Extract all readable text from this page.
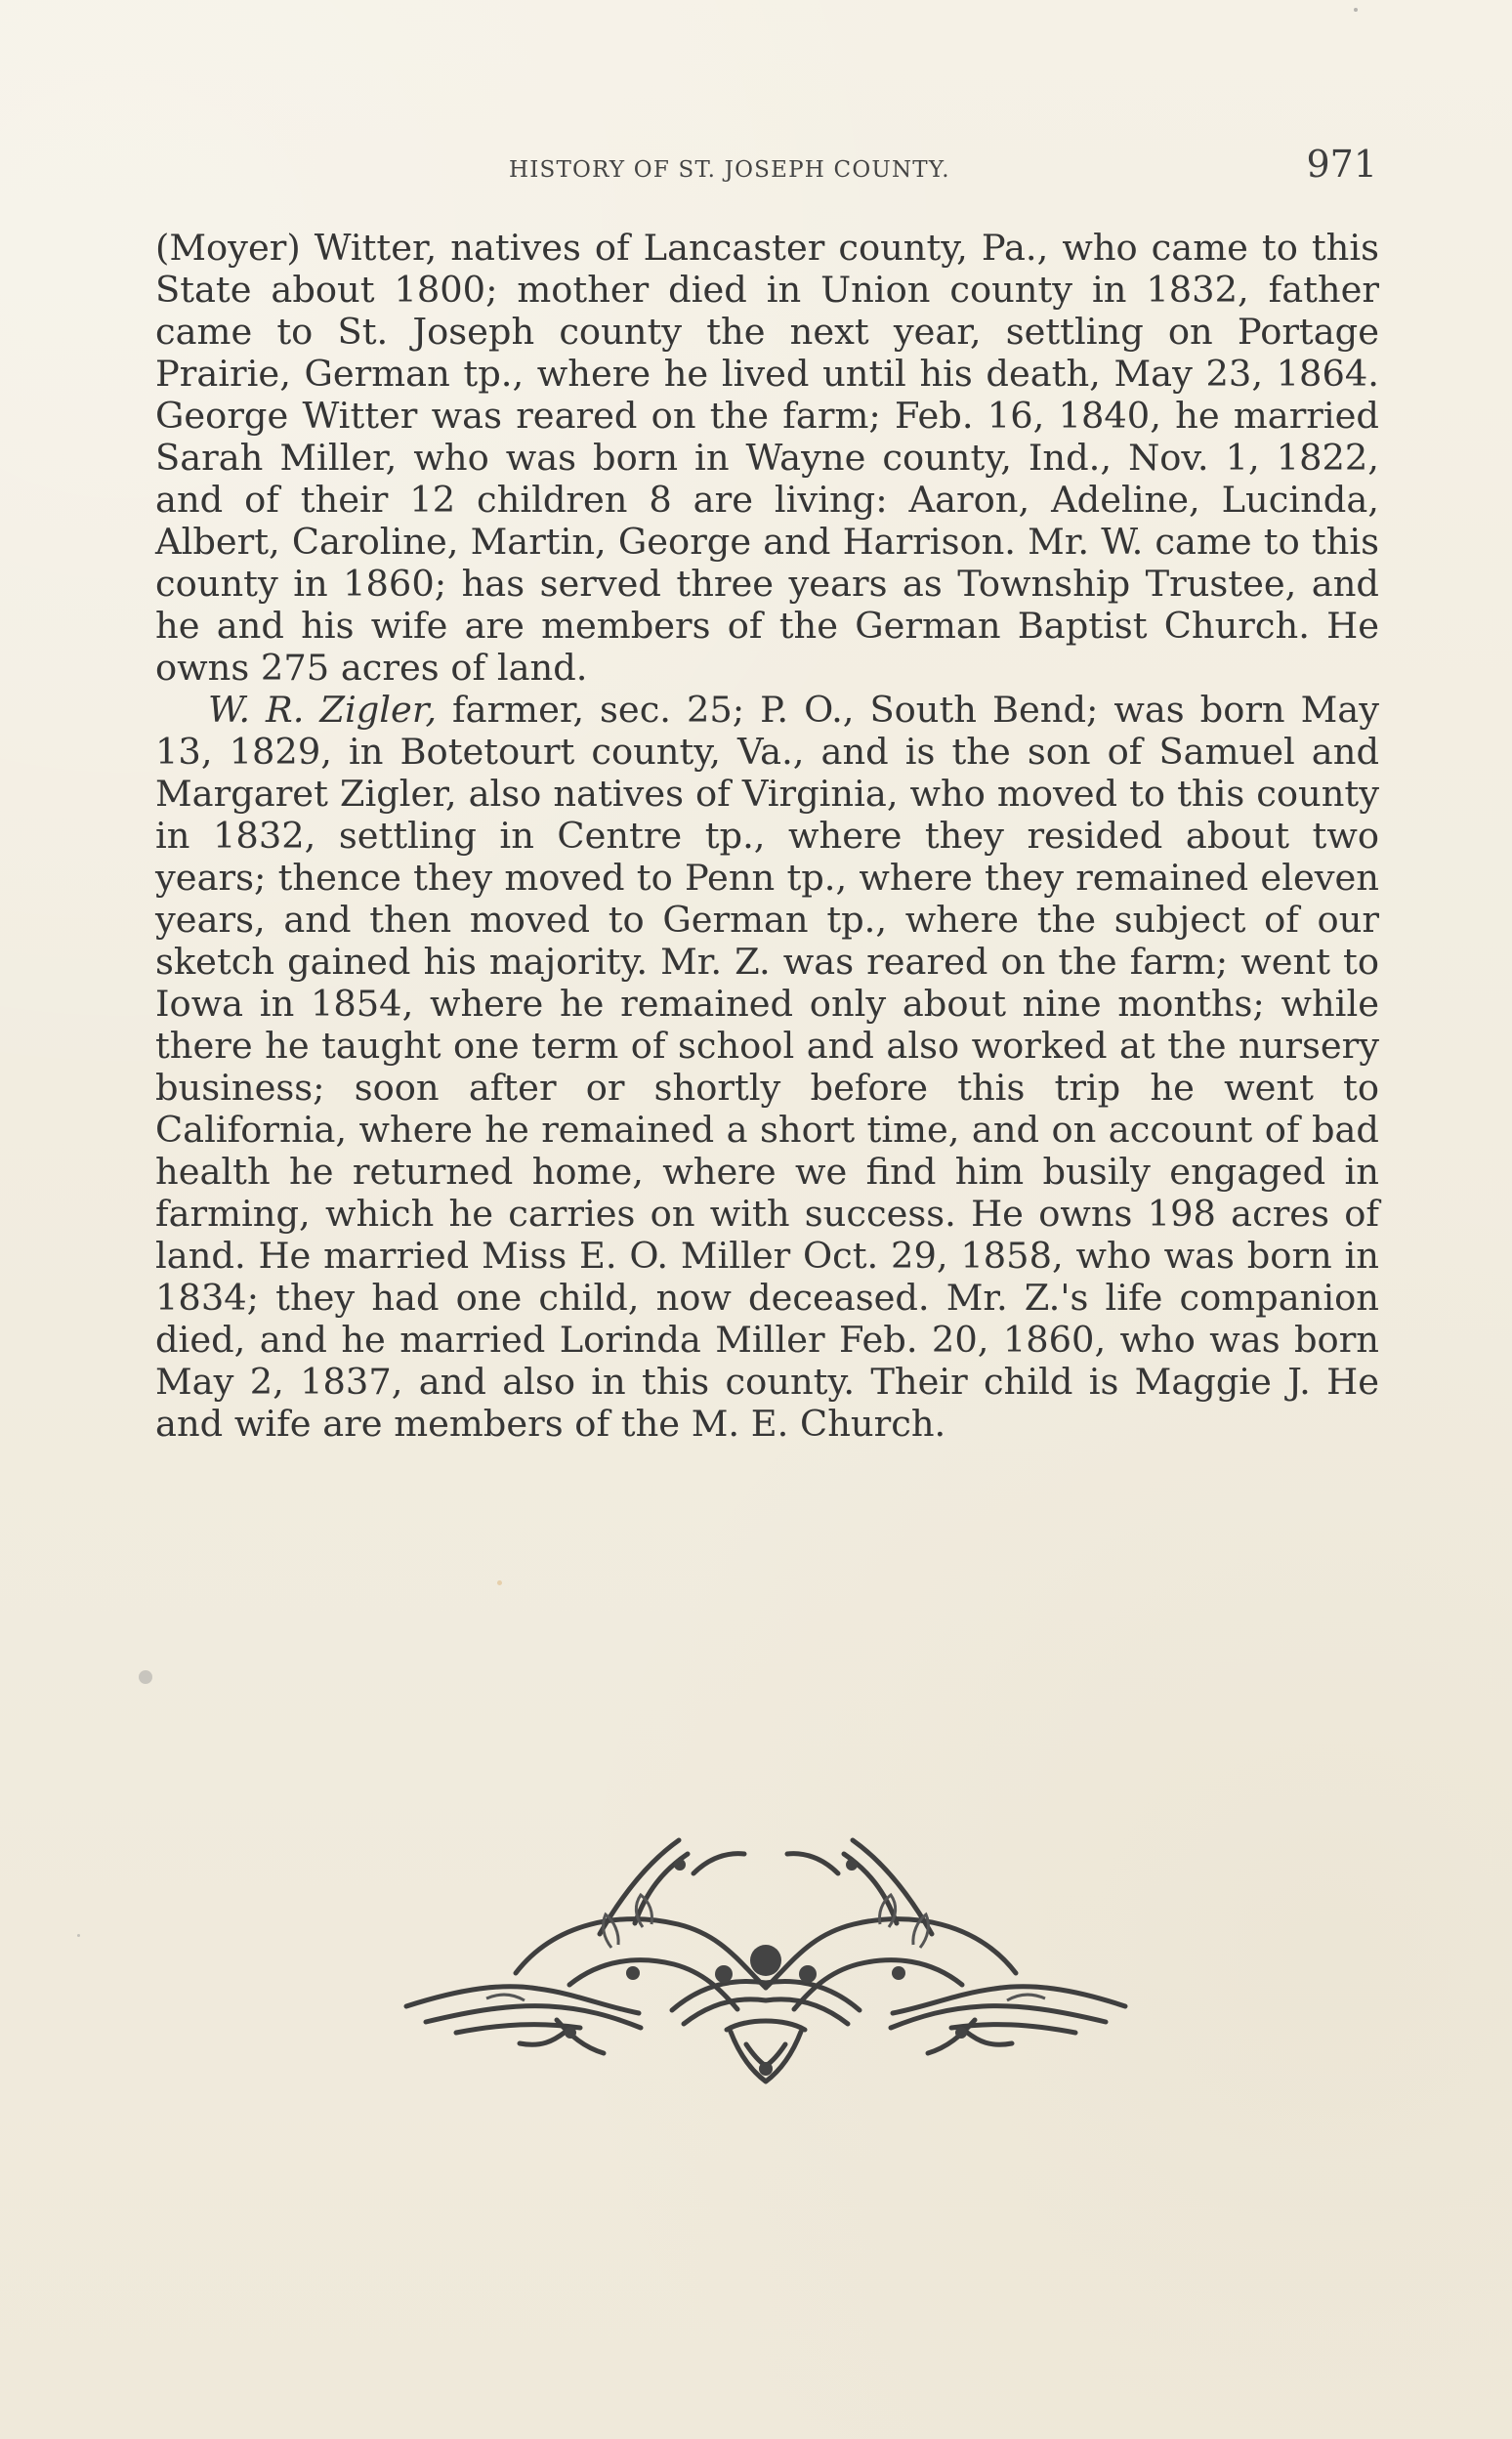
HISTORY OF ST. JOSEPH COUNTY.	971

(Moyer) Witter, natives of Lancaster county, Pa., who came to this State about 1800; mother died in Union county in 1832, father came to St. Joseph county the next year, settling on Portage Prairie, German tp., where he lived until his death, May 23, 1864. George Witter was reared on the farm; Feb. 16, 1840, he married Sarah Miller, who was born in Wayne county, Ind., Nov. 1, 1822, and of their 12 children 8 are living: Aaron, Adeline, Lucinda, Albert, Caroline, Martin, George and Harrison. Mr. W. came to this county in 1860; has served three years as Township Trustee, and he and his wife are members of the German Baptist Church. He owns 275 acres of land.

W. R. Zigler, farmer, sec. 25; P. O., South Bend; was born May 13, 1829, in Botetourt county, Va., and is the son of Samuel and Margaret Zigler, also natives of Virginia, who moved to this county in 1832, settling in Centre tp., where they resided about two years; thence they moved to Penn tp., where they remained eleven years, and then moved to German tp., where the subject of our sketch gained his majority. Mr. Z. was reared on the farm; went to Iowa in 1854, where he remained only about nine months; while there he taught one term of school and also worked at the nursery business; soon after or shortly before this trip he went to California, where he remained a short time, and on account of bad health he returned home, where we find him busily engaged in farming, which he carries on with success. He owns 198 acres of land. He married Miss E. O. Miller Oct. 29, 1858, who was born in 1834; they had one child, now deceased. Mr. Z.'s life companion died, and he married Lorinda Miller Feb. 20, 1860, who was born May 2, 1837, and also in this county. Their child is Maggie J. He and wife are members of the M. E. Church.
